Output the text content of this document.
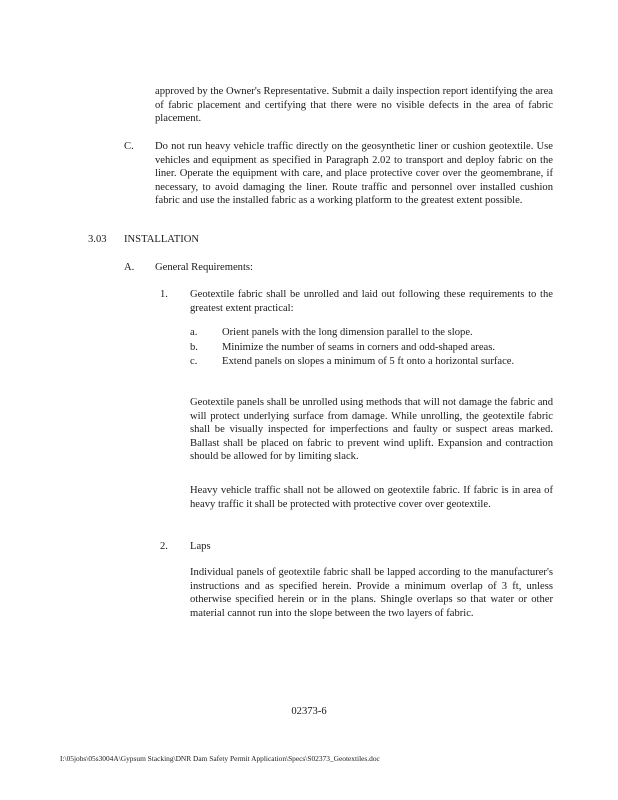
approved by the Owner's Representative. Submit a daily inspection report identifying the area of fabric placement and certifying that there were no visible defects in the area of fabric placement.

C. Do not run heavy vehicle traffic directly on the geosynthetic liner or cushion geotextile. Use vehicles and equipment as specified in Paragraph 2.02 to transport and deploy fabric on the liner. Operate the equipment with care, and place protective cover over the geomembrane, if necessary, to avoid damaging the liner. Route traffic and personnel over installed cushion fabric and use the installed fabric as a working platform to the greatest extent possible.

3.03 INSTALLATION
A. General Requirements:
1. Geotextile fabric shall be unrolled and laid out following these requirements to the greatest extent practical:

a. Orient panels with the long dimension parallel to the slope.

b. Minimize the number of seams in corners and odd-shaped areas.

c. Extend panels on slopes a minimum of 5 ft onto a horizontal surface.

Geotextile panels shall be unrolled using methods that will not damage the fabric and will protect underlying surface from damage. While unrolling, the geotextile fabric shall be visually inspected for imperfections and faulty or suspect areas marked. Ballast shall be placed on fabric to prevent wind uplift. Expansion and contraction should be allowed for by limiting slack.

Heavy vehicle traffic shall not be allowed on geotextile fabric. If fabric is in area of heavy traffic it shall be protected with protective cover over geotextile.

2. Laps

Individual panels of geotextile fabric shall be lapped according to the manufacturer's instructions and as specified herein. Provide a minimum overlap of 3 ft, unless otherwise specified herein or in the plans. Shingle overlaps so that water or other material cannot run into the slope between the two layers of fabric.

02373-6
I:\05jobs\05s3004A\Gypsum Stacking\DNR Dam Safety Permit Application\Specs\S02373_Geotextiles.doc
